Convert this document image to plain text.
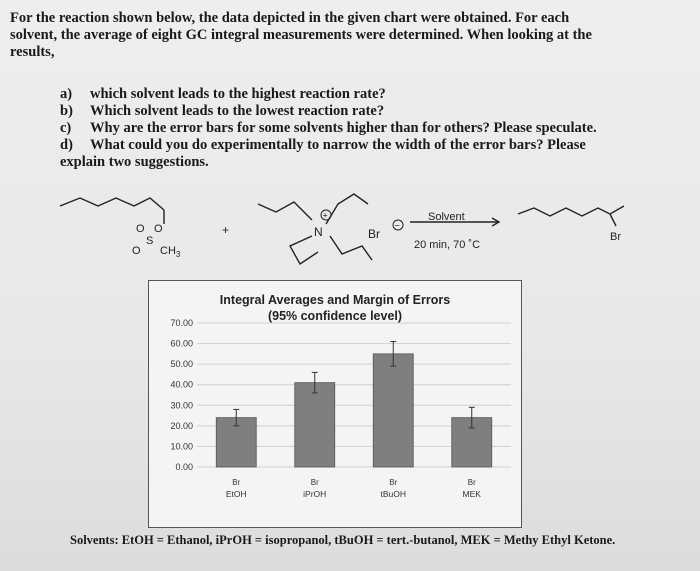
For the reaction shown below, the data depicted in the given chart were obtained. For each
solvent, the average of eight GC integral measurements were determined. When looking at the
results,
a)	which solvent leads to the highest reaction rate?
b)	Which solvent leads to the lowest reaction rate?
c)	Why are the error bars for some solvents higher than for others? Please speculate.
d)	What could you do experimentally to narrow the width of the error bars? Please
explain two suggestions.
O O
S
O $CH_3$
+	N
+
Br
−
Solvent
20 min, 70 ˚C
Br
Integral Averages and Margin of Errors
(95% confidence level)
0.00
10.00
20.00
30.00
40.00
50.00
60.00
70.00
Br
EtOH
Br
iPrOH
Br
tBuOH
Br
MEK
Solvents: EtOH = Ethanol, iPrOH = isopropanol, tBuOH = tert.-butanol, MEK = Methy Ethyl Ketone.
